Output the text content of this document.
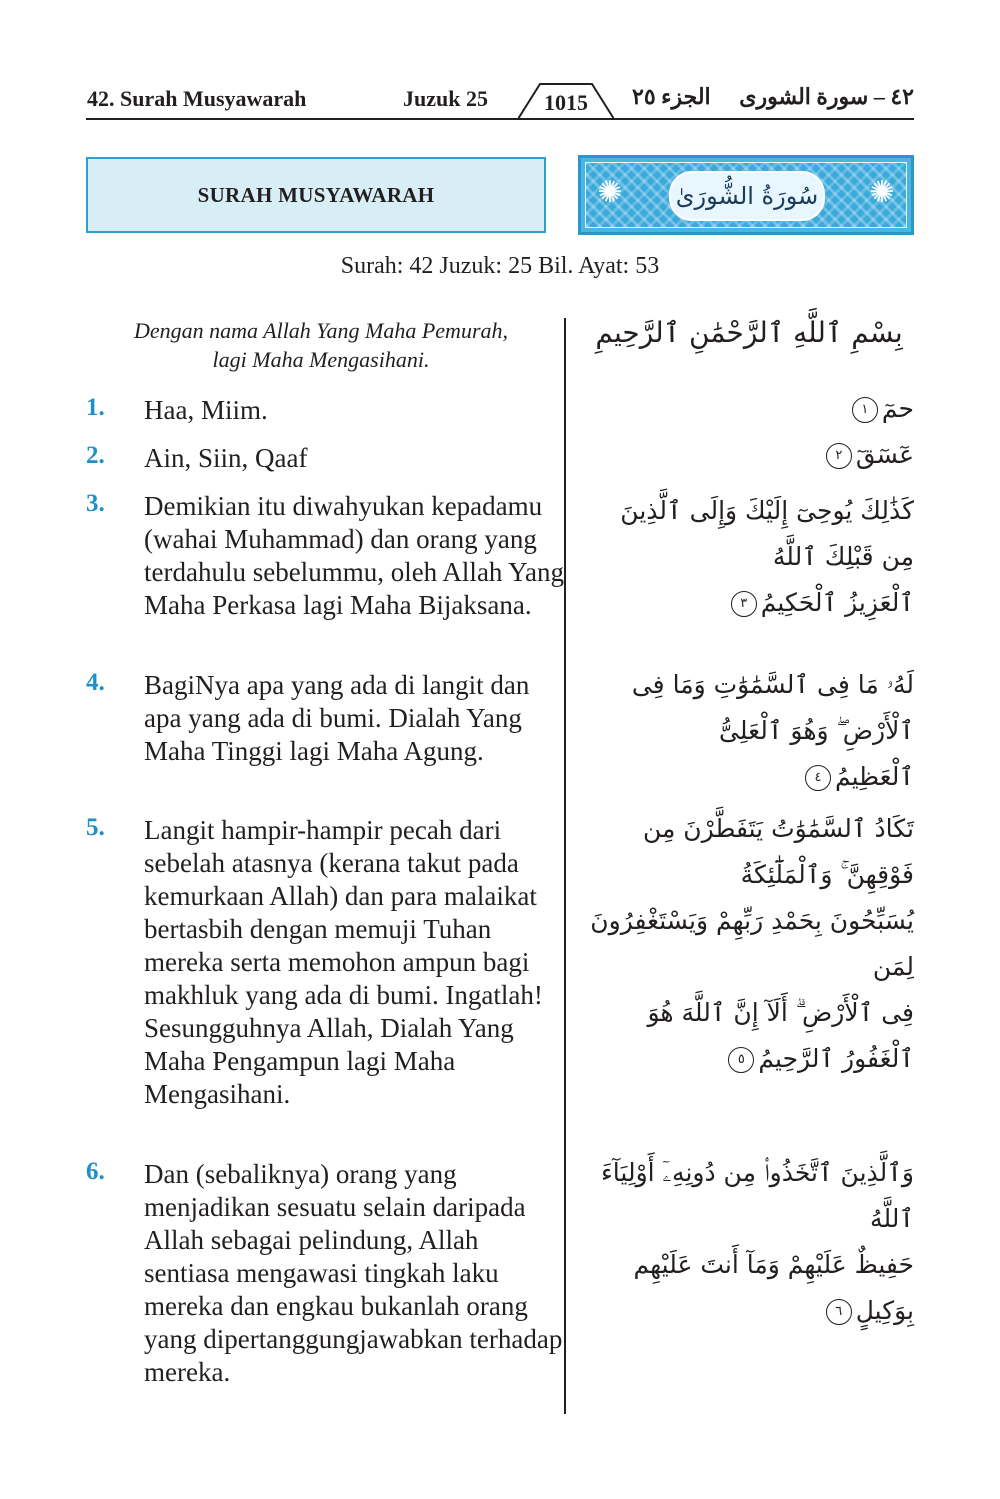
42. Surah Musyawarah	Juzuk 25	1015	الجزء ٢٥ ٤٢ – سورة الشورى
SURAH MUSYAWARAH	✺	✺
سُورَةُ الشُّورَىٰ
Surah: 42 Juzuk: 25 Bil. Ayat: 53
Dengan nama Allah Yang Maha Pemurah,
lagi Maha Mengasihani.
بِسْمِ ٱللَّهِ ٱلرَّحْمَٰنِ ٱلرَّحِيمِ
1. Haa, Miim.	حمٓ١
2. Ain, Siin, Qaaf	عٓسٓقٓ٢
3. Demikian itu diwahyukan kepadamu (wahai Muhammad) dan orang yang terdahulu sebelummu, oleh Allah Yang Maha Perkasa lagi Maha Bijaksana.
كَذَٰلِكَ يُوحِىٓ إِلَيْكَ وَإِلَى ٱلَّذِينَ مِن قَبْلِكَ ٱللَّهُ
ٱلْعَزِيزُ ٱلْحَكِيمُ٣
4. BagiNya apa yang ada di langit dan apa yang ada di bumi. Dialah Yang Maha Tinggi lagi Maha Agung.
لَهُۥ مَا فِى ٱلسَّمَٰوَٰتِ وَمَا فِى ٱلْأَرْضِ ۖ وَهُوَ ٱلْعَلِىُّ
ٱلْعَظِيمُ٤
5. Langit hampir-hampir pecah dari sebelah atasnya (kerana takut pada kemurkaan Allah) dan para malaikat bertasbih dengan memuji Tuhan mereka serta memohon ampun bagi makhluk yang ada di bumi. Ingatlah! Sesungguhnya Allah, Dialah Yang Maha Pengampun lagi Maha Mengasihani.
تَكَادُ ٱلسَّمَٰوَٰتُ يَتَفَطَّرْنَ مِن فَوْقِهِنَّ ۚ وَٱلْمَلَٰٓئِكَةُ
يُسَبِّحُونَ بِحَمْدِ رَبِّهِمْ وَيَسْتَغْفِرُونَ لِمَن
فِى ٱلْأَرْضِ ۗ أَلَآ إِنَّ ٱللَّهَ هُوَ ٱلْغَفُورُ ٱلرَّحِيمُ٥
6. Dan (sebaliknya) orang yang menjadikan sesuatu selain daripada Allah sebagai pelindung, Allah sentiasa mengawasi tingkah laku mereka dan engkau bukanlah orang yang dipertanggungjawabkan terhadap mereka.
وَٱلَّذِينَ ٱتَّخَذُوا۟ مِن دُونِهِۦٓ أَوْلِيَآءَ ٱللَّهُ
حَفِيظٌ عَلَيْهِمْ وَمَآ أَنتَ عَلَيْهِم بِوَكِيلٍ٦
